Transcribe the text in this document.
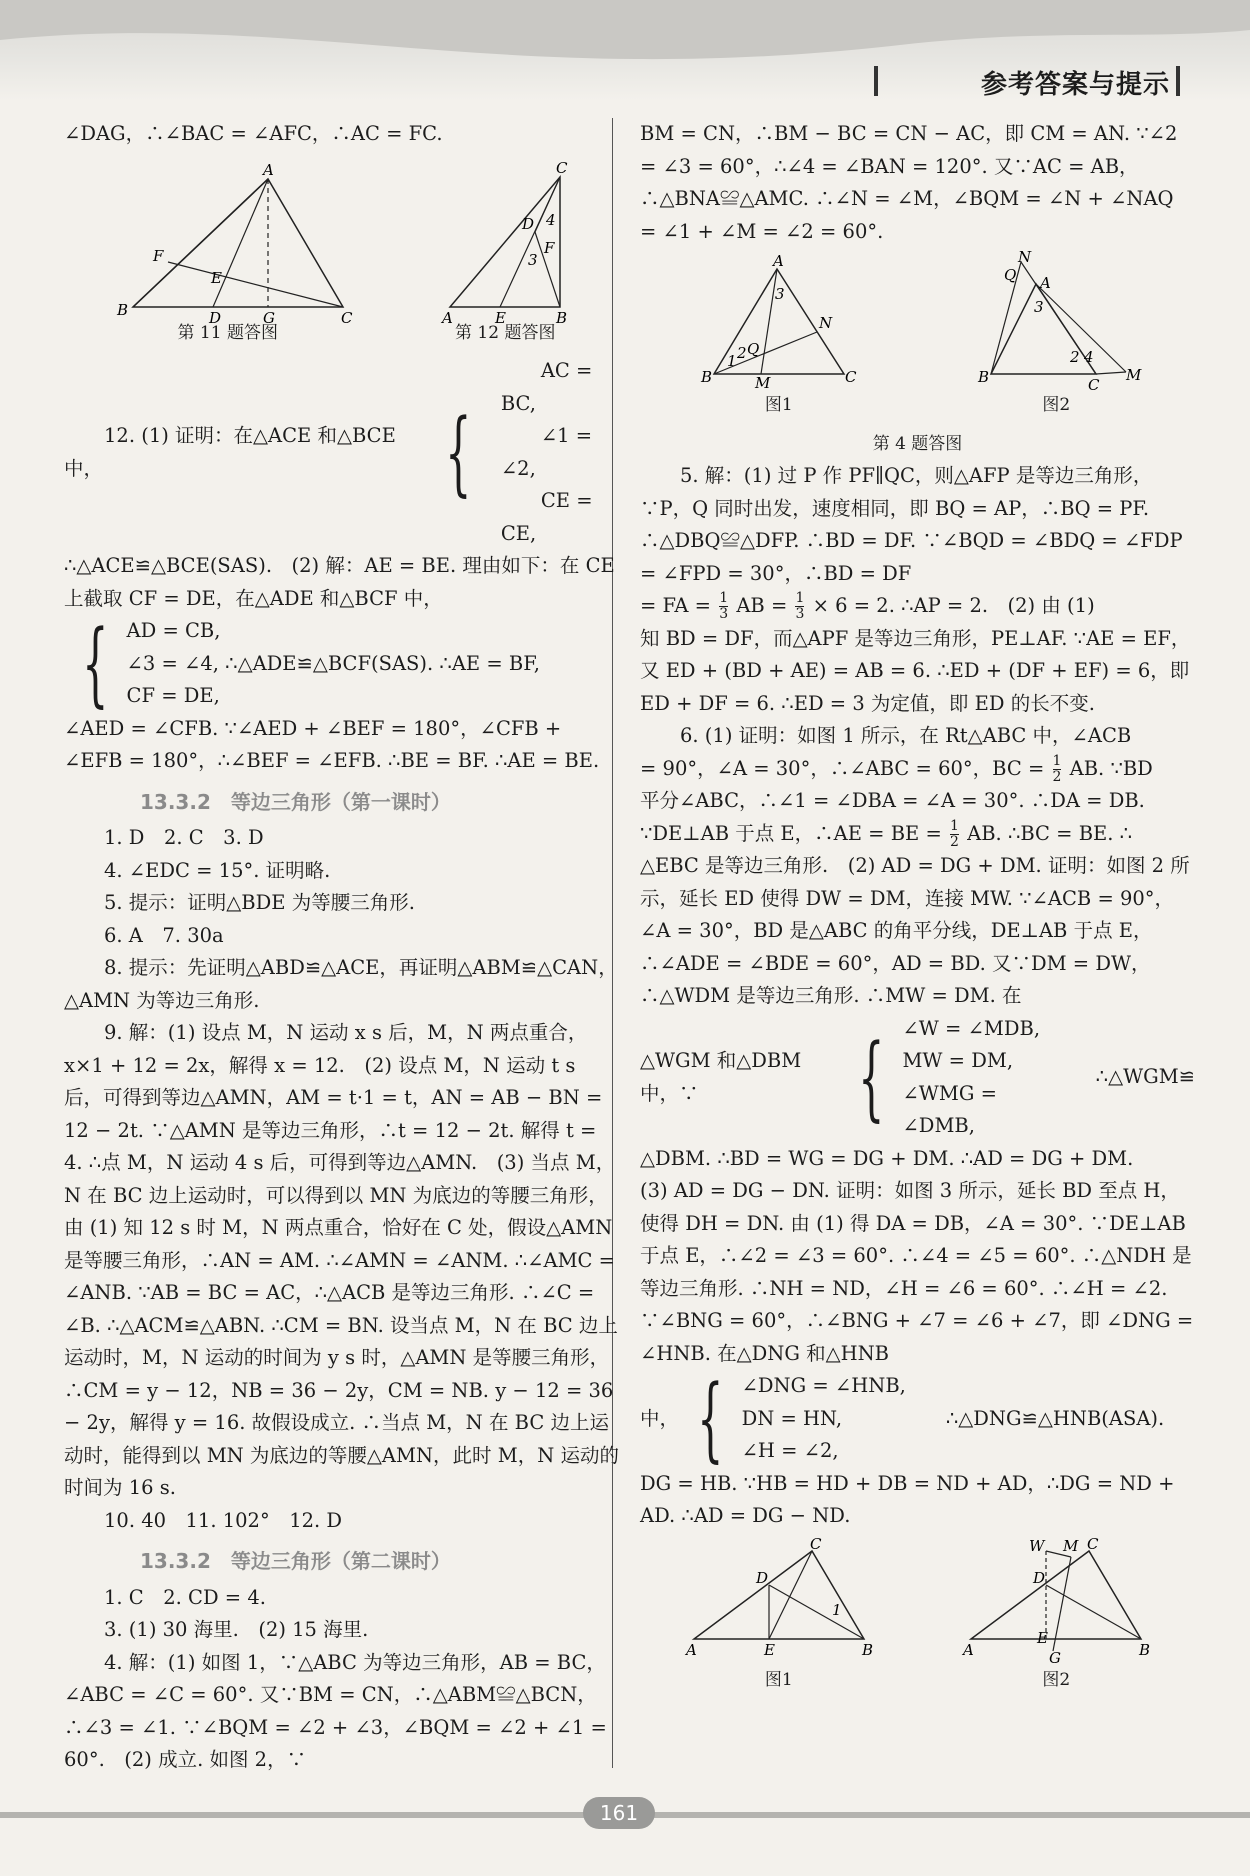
参考答案与提示

∠DAG，∴∠BAC = ∠AFC，∴AC = FC.

A
B	C
D	G
F
E
第 11 题答图
C
A	E	B
D
F
4
3
第 12 题答图
12. (1) 证明：在△ACE 和△BCE 中，	{
AC = BC,
∠1 = ∠2,
CE = CE,

∴△ACE≌△BCE(SAS).　(2) 解：AE = BE. 理由如下：在 CE 上截取 CF = DE，在△ADE 和△BCF 中，

{ AD = CB,
∠3 = ∠4, ∴△ADE≌△BCF(SAS). ∴AE = BF,
CF = DE,

∠AED = ∠CFB. ∵∠AED + ∠BEF = 180°，∠CFB + ∠EFB = 180°，∴∠BEF = ∠EFB. ∴BE = BF. ∴AE = BE.

13.3.2　等边三角形（第一课时）

1. D　2. C　3. D

4. ∠EDC = 15°. 证明略.

5. 提示：证明△BDE 为等腰三角形.

6. A　7. 30a

8. 提示：先证明△ABD≌△ACE，再证明△ABM≌△CAN，△AMN 为等边三角形.

9. 解：(1) 设点 M，N 运动 x s 后，M，N 两点重合，x×1 + 12 = 2x，解得 x = 12.　(2) 设点 M，N 运动 t s 后，可得到等边△AMN，AM = t·1 = t，AN = AB − BN = 12 − 2t. ∵△AMN 是等边三角形，∴t = 12 − 2t. 解得 t = 4. ∴点 M，N 运动 4 s 后，可得到等边△AMN.　(3) 当点 M，N 在 BC 边上运动时，可以得到以 MN 为底边的等腰三角形，由 (1) 知 12 s 时 M，N 两点重合，恰好在 C 处，假设△AMN 是等腰三角形，∴AN = AM. ∴∠AMN = ∠ANM. ∴∠AMC = ∠ANB. ∵AB = BC = AC，∴△ACB 是等边三角形. ∴∠C = ∠B. ∴△ACM≌△ABN. ∴CM = BN. 设当点 M，N 在 BC 边上运动时，M，N 运动的时间为 y s 时，△AMN 是等腰三角形，∴CM = y − 12，NB = 36 − 2y，CM = NB. y − 12 = 36 − 2y，解得 y = 16. 故假设成立. ∴当点 M，N 在 BC 边上运动时，能得到以 MN 为底边的等腰△AMN，此时 M，N 运动的时间为 16 s.

10. 40　11. 102°　12. D

13.3.2　等边三角形（第二课时）

1. C　2. CD = 4.

3. (1) 30 海里.　(2) 15 海里.

4. 解：(1) 如图 1，∵△ABC 为等边三角形，AB = BC，∠ABC = ∠C = 60°. 又∵BM = CN，∴△ABM≌△BCN，∴∠3 = ∠1. ∵∠BQM = ∠2 + ∠3，∠BQM = ∠2 + ∠1 = 60°.　(2) 成立. 如图 2，∵

BM = CN，∴BM − BC = CN − AC，即 CM = AN. ∵∠2 = ∠3 = 60°，∴∠4 = ∠BAN = 120°. 又∵AC = AB，∴△BNA≌△AMC. ∴∠N = ∠M，∠BQM = ∠N + ∠NAQ = ∠1 + ∠M = ∠2 = 60°.

A
B	C
N
M
Q
3
1 2
图1
N
Q A
B	C
M
3
2 4
图2
第 4 题答图

5. 解：(1) 过 P 作 PF∥QC，则△AFP 是等边三角形，∵P，Q 同时出发，速度相同，即 BQ = AP，∴BQ = PF. ∴△DBQ≌△DFP. ∴BD = DF. ∵∠BQD = ∠BDQ = ∠FDP = ∠FPD = 30°，∴BD = DF

= FA = $\frac{1}{3}$ AB = $\frac{1}{3} \times 6 = 2$. ∴AP = 2.　(2) 由 (1)

知 BD = DF，而△APF 是等边三角形，PE⊥AF. ∵AE = EF，又 ED + (BD + AE) = AB = 6. ∴ED + (DF + EF) = 6，即 ED + DF = 6. ∴ED = 3 为定值，即 ED 的长不变.

6. (1) 证明：如图 1 所示，在 Rt△ABC 中，∠ACB

= 90°，∠A = 30°，∴∠ABC = 60°，BC = $\frac{1}{2}$ AB. ∵BD

平分∠ABC，∴∠1 = ∠DBA = ∠A = 30°. ∴DA = DB.

∵DE⊥AB 于点 E，∴AE = BE = $\frac{1}{2}$ AB. ∴BC = BE. ∴

△EBC 是等边三角形.　(2) AD = DG + DM. 证明：如图 2 所示，延长 ED 使得 DW = DM，连接 MW. ∵∠ACB = 90°，∠A = 30°，BD 是△ABC 的角平分线，DE⊥AB 于点 E，∴∠ADE = ∠BDE = 60°，AD = BD. 又∵DM = DW，∴△WDM 是等边三角形. ∴MW = DM. 在

△WGM 和△DBM 中，∵	{ ∠W = ∠MDB,
MW = DM,
∠WMG = ∠DMB,
∴△WGM≌

△DBM. ∴BD = WG = DG + DM. ∴AD = DG + DM.

(3) AD = DG − DN. 证明：如图 3 所示，延长 BD 至点 H，使得 DH = DN. 由 (1) 得 DA = DB，∠A = 30°. ∵DE⊥AB 于点 E，∴∠2 = ∠3 = 60°. ∴∠4 = ∠5 = 60°. ∴△NDH 是等边三角形. ∴NH = ND，∠H = ∠6 = 60°. ∴∠H = ∠2. ∵∠BNG = 60°，∴∠BNG + ∠7 = ∠6 + ∠7，即 ∠DNG = ∠HNB. 在△DNG 和△HNB

中， { ∠DNG = ∠HNB,
DN = HN,
∠H = ∠2,
∴△DNG≌△HNB(ASA).

DG = HB. ∵HB = HD + DB = ND + AD，∴DG = ND + AD. ∴AD = DG − ND.

C
A	E	B
D
1
图1
W M C
A
E
G	B
D
图2
161
